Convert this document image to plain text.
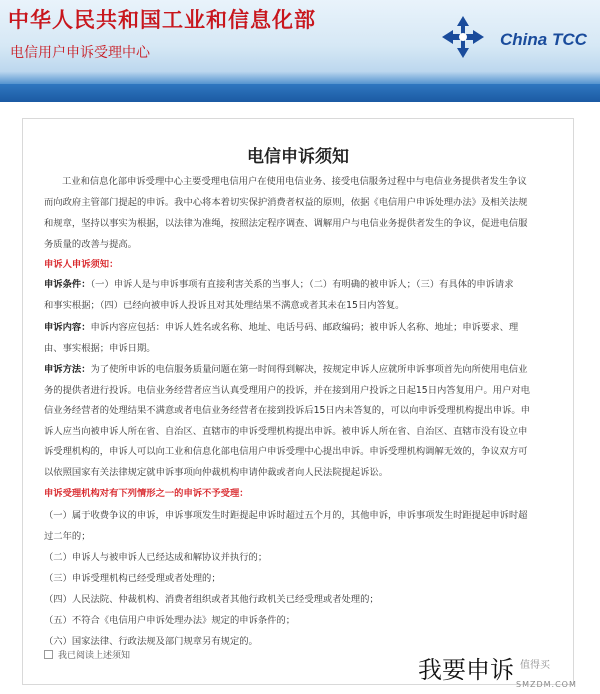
中华人民共和国工业和信息化部
电信用户申诉受理中心
China TCC
电信申诉须知
工业和信息化部申诉受理中心主要受理电信用户在使用电信业务、接受电信服务过程中与电信业务提供者发生争议
而向政府主管部门提起的申诉。我中心将本着切实保护消费者权益的原则，依据《电信用户申诉处理办法》及相关法规
和规章，坚持以事实为根据，以法律为准绳，按照法定程序调查、调解用户与电信业务提供者发生的争议，促进电信服
务质量的改善与提高。
申诉人申诉须知：
申诉条件：（一）申诉人是与申诉事项有直接利害关系的当事人；（二）有明确的被申诉人；（三）有具体的申诉请求
和事实根据；（四）已经向被申诉人投诉且对其处理结果不满意或者其未在15日内答复。
申诉内容：申诉内容应包括：申诉人姓名或名称、地址、电话号码、邮政编码；被申诉人名称、地址；申诉要求、理
由、事实根据；申诉日期。
申诉方法：为了使所申诉的电信服务质量问题在第一时间得到解决，按规定申诉人应就所申诉事项首先向所使用电信业
务的提供者进行投诉。电信业务经营者应当认真受理用户的投诉，并在接到用户投诉之日起15日内答复用户。用户对电
信业务经营者的处理结果不满意或者电信业务经营者在接到投诉后15日内未答复的，可以向申诉受理机构提出申诉。申
诉人应当向被申诉人所在省、自治区、直辖市的申诉受理机构提出申诉。被申诉人所在省、自治区、直辖市没有设立申
诉受理机构的，申诉人可以向工业和信息化部电信用户申诉受理中心提出申诉。申诉受理机构调解无效的，争议双方可
以依照国家有关法律规定就申诉事项向仲裁机构申请仲裁或者向人民法院提起诉讼。
申诉受理机构对有下列情形之一的申诉不予受理：
（一）属于收费争议的申诉，申诉事项发生时距提起申诉时超过五个月的，其他申诉，申诉事项发生时距提起申诉时超
过二年的；
（二）申诉人与被申诉人已经达成和解协议并执行的；
（三）申诉受理机构已经受理或者处理的；
（四）人民法院、仲裁机构、消费者组织或者其他行政机关已经受理或者处理的；
（五）不符合《电信用户申诉处理办法》规定的申诉条件的；
（六）国家法律、行政法规及部门规章另有规定的。
我已阅读上述须知
我要申诉 值得买
SMZDM.COM
